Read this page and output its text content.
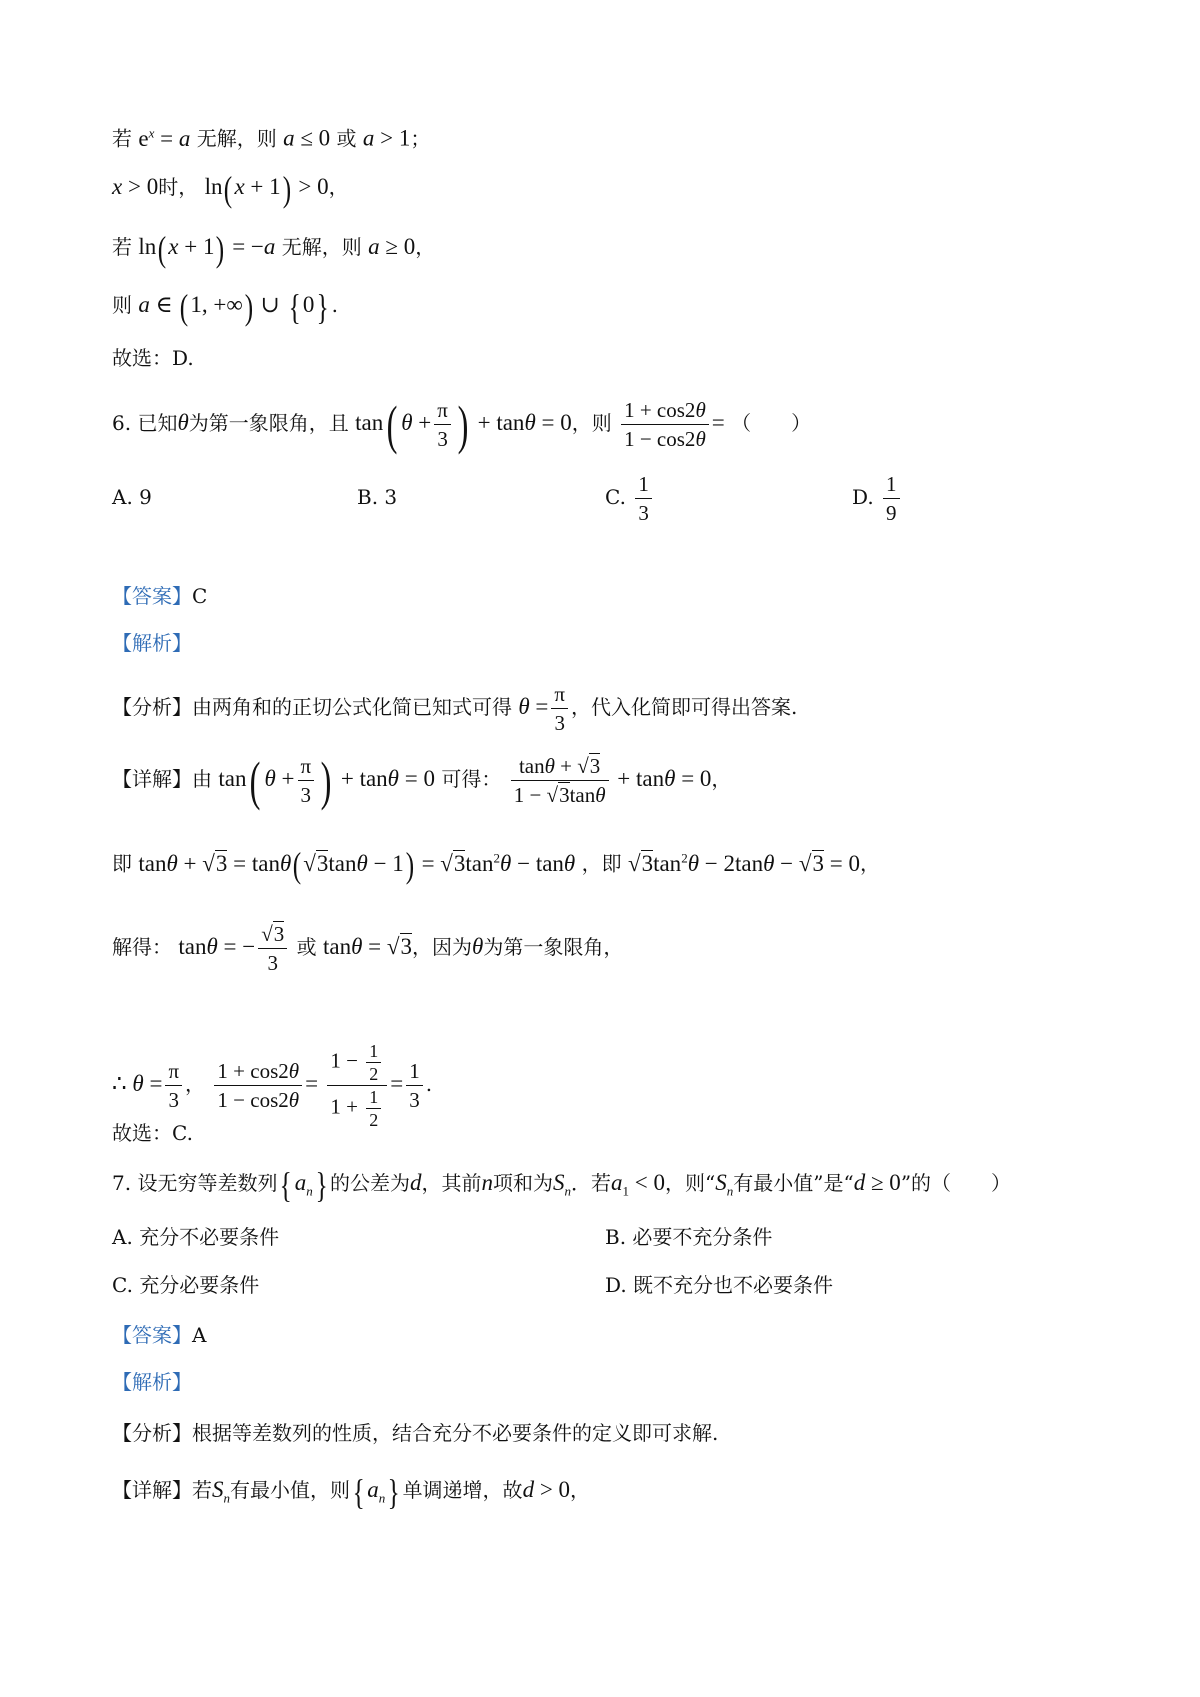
若 $e^x = a$ 无解，则 a ≤ 0 或 a > 1；
x > 0时， ln(x + 1) > 0，
若 ln(x + 1) = −a 无解，则 a ≥ 0，
则 a ∈ (1, +∞) ∪ { 0} .
故选：D.
6. 已知θ为第一象限角，且 tan( $\theta + \frac{\pi}{3}$ ) + tanθ = 0，则 $\frac{1 + \cos 2\theta}{1 - \cos 2\theta}$ = （　　）
A. 9	B. 3	C. $\frac{1}{3}$	D. $\frac{1}{9}$
【答案】C
【解析】
【分析】由两角和的正切公式化简已知式可得 $\theta = \frac{\pi}{3}$ ，代入化简即可得出答案.
【详解】由 tan( $\theta + \frac{\pi}{3}$ ) + tanθ = 0 可得： $\frac{\tan\theta + √3}{1 - √3\tan\theta} + \tan\theta = 0$，
即 $\tan\theta + √3 = \tan\theta(√3\tan\theta - 1) = √3\tan^2\theta - \tan\theta$ ，即 $√3\tan^2\theta - 2\tan\theta - √3 = 0$，
解得： tanθ = − $\frac{√3}{3}$ 或 tanθ = √3，因为θ为第一象限角，
∴ $\theta = \frac{\pi}{3}$ ， $\frac{1 + \cos 2\theta}{1 - \cos 2\theta} = \frac{1 - \frac{1}{2}}{1 + \frac{1}{2}} = \frac{1}{3}$ .
故选：C.
7. 设无穷等差数列{ $a_n$} 的公差为d，其前n项和为$S_n$．若$a_1 < 0$，则“$S_n$有最小值”是“d ≥ 0”的（　　）
A. 充分不必要条件	B. 必要不充分条件
C. 充分必要条件	D. 既不充分也不必要条件
【答案】A
【解析】
【分析】根据等差数列的性质，结合充分不必要条件的定义即可求解.
【详解】若$S_n$有最小值，则{ $a_n$} 单调递增，故d > 0，
